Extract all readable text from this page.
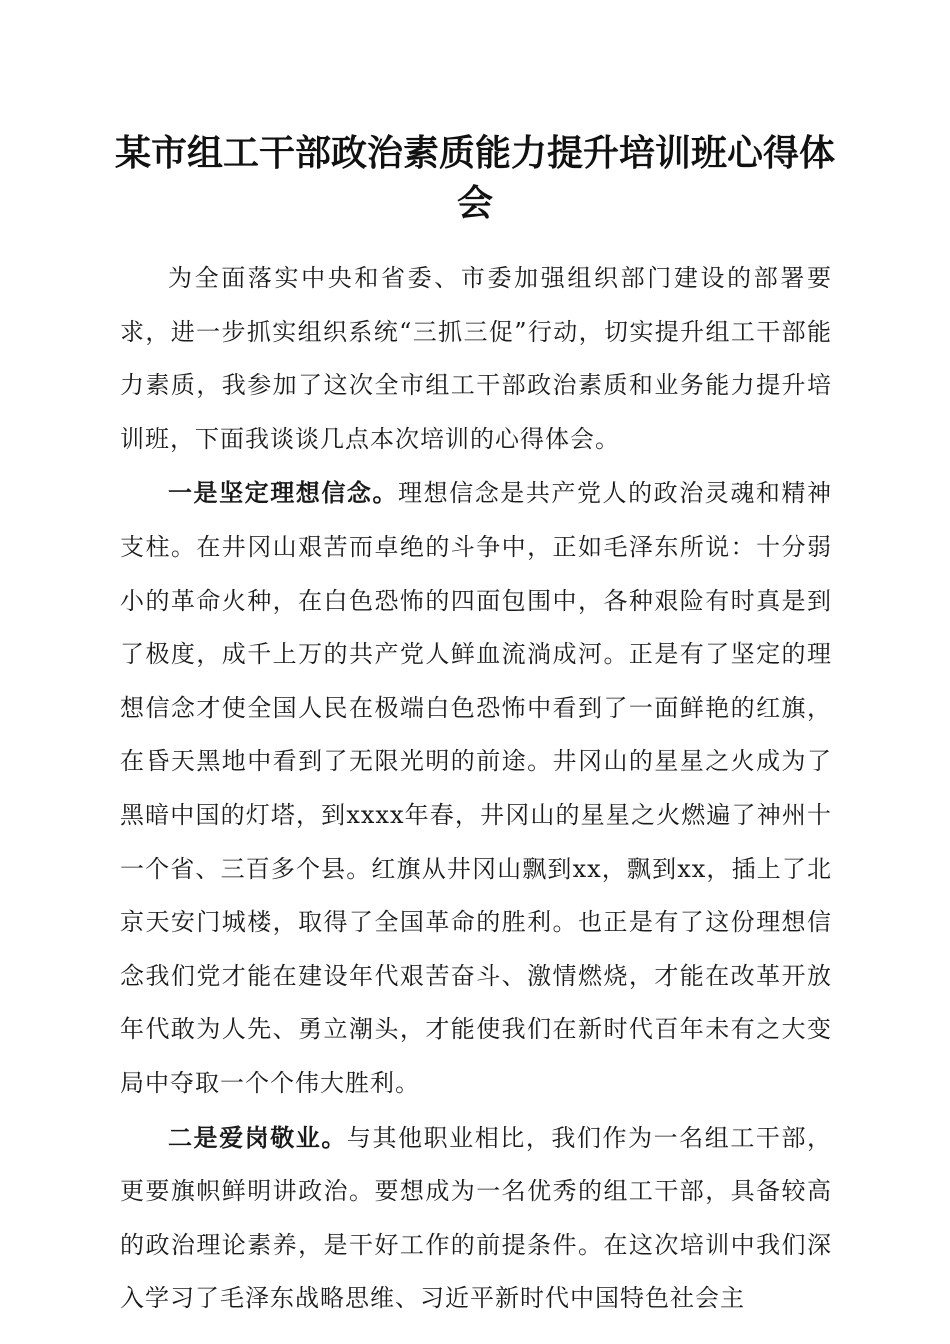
某市组工干部政治素质能力提升培训班心得体会

为全面落实中央和省委、市委加强组织部门建设的部署要求，进一步抓实组织系统“三抓三促”行动，切实提升组工干部能力素质，我参加了这次全市组工干部政治素质和业务能力提升培训班，下面我谈谈几点本次培训的心得体会。

一是坚定理想信念。理想信念是共产党人的政治灵魂和精神支柱。在井冈山艰苦而卓绝的斗争中，正如毛泽东所说：十分弱小的革命火种，在白色恐怖的四面包围中，各种艰险有时真是到了极度，成千上万的共产党人鲜血流淌成河。正是有了坚定的理想信念才使全国人民在极端白色恐怖中看到了一面鲜艳的红旗，在昏天黑地中看到了无限光明的前途。井冈山的星星之火成为了黑暗中国的灯塔，到xxxx年春，井冈山的星星之火燃遍了神州十一个省、三百多个县。红旗从井冈山飘到xx，飘到xx，插上了北京天安门城楼，取得了全国革命的胜利。也正是有了这份理想信念我们党才能在建设年代艰苦奋斗、激情燃烧，才能在改革开放年代敢为人先、勇立潮头，才能使我们在新时代百年未有之大变局中夺取一个个伟大胜利。

二是爱岗敬业。与其他职业相比，我们作为一名组工干部，更要旗帜鲜明讲政治。要想成为一名优秀的组工干部，具备较高的政治理论素养，是干好工作的前提条件。在这次培训中我们深入学习了毛泽东战略思维、习近平新时代中国特色社会主
